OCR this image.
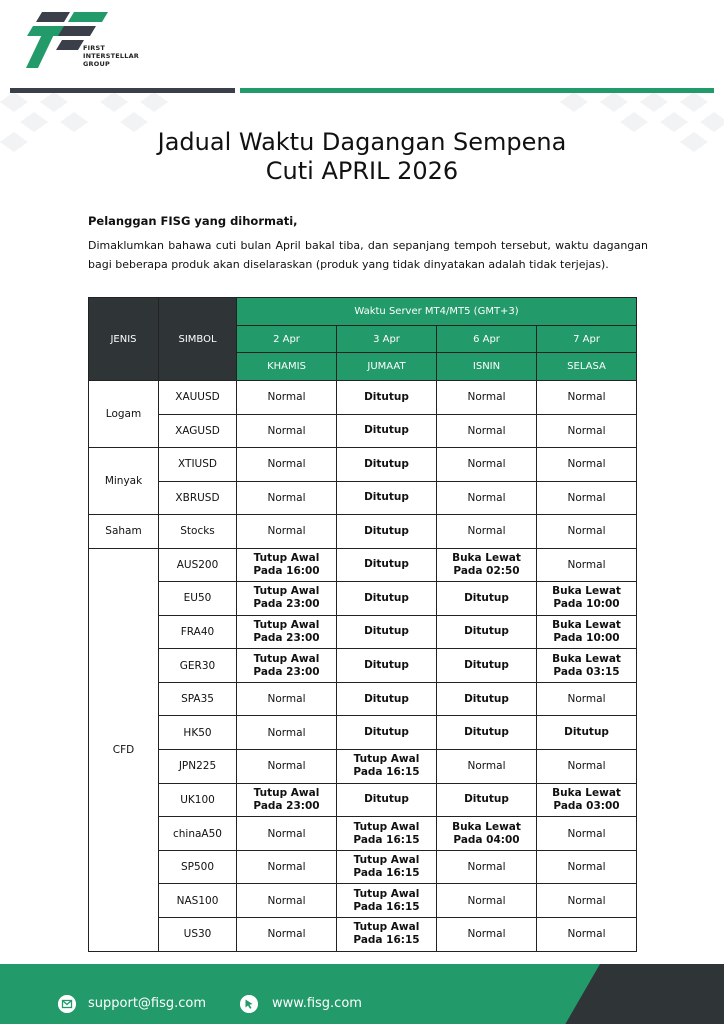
FIRST
INTERSTELLAR
GROUP
Jadual Waktu Dagangan Sempena
Cuti APRIL 2026
Pelanggan FISG yang dihormati,
Dimaklumkan bahawa cuti bulan April bakal tiba, dan sepanjang tempoh tersebut, waktu dagangan bagi beberapa produk akan diselaraskan (produk yang tidak dinyatakan adalah tidak terjejas).
JENIS	SIMBOL	Waktu Server MT4/MT5 (GMT+3)			
		2 Apr	3 Apr	6 Apr	7 Apr
		KHAMIS	JUMAAT	ISNIN	SELASA
Logam	XAUUSD	Normal	Ditutup	Normal	Normal
	XAGUSD	Normal	Ditutup	Normal	Normal
Minyak	XTIUSD	Normal	Ditutup	Normal	Normal
	XBRUSD	Normal	Ditutup	Normal	Normal
Saham	Stocks	Normal	Ditutup	Normal	Normal
CFD	AUS200	Tutup Awal
Pada 16:00	Ditutup	Buka Lewat
Pada 02:50	Normal
	EU50	Tutup Awal
Pada 23:00	Ditutup	Ditutup	Buka Lewat
Pada 10:00
	FRA40	Tutup Awal
Pada 23:00	Ditutup	Ditutup	Buka Lewat
Pada 10:00
	GER30	Tutup Awal
Pada 23:00	Ditutup	Ditutup	Buka Lewat
Pada 03:15
	SPA35	Normal	Ditutup	Ditutup	Normal
	HK50	Normal	Ditutup	Ditutup	Ditutup
	JPN225	Normal	Tutup Awal
Pada 16:15	Normal	Normal
	UK100	Tutup Awal
Pada 23:00	Ditutup	Ditutup	Buka Lewat
Pada 03:00
	chinaA50	Normal	Tutup Awal
Pada 16:15	Buka Lewat
Pada 04:00	Normal
	SP500	Normal	Tutup Awal
Pada 16:15	Normal	Normal
	NAS100	Normal	Tutup Awal
Pada 16:15	Normal	Normal
	US30	Normal	Tutup Awal
Pada 16:15	Normal	Normal
support@fisg.com	www.fisg.com
